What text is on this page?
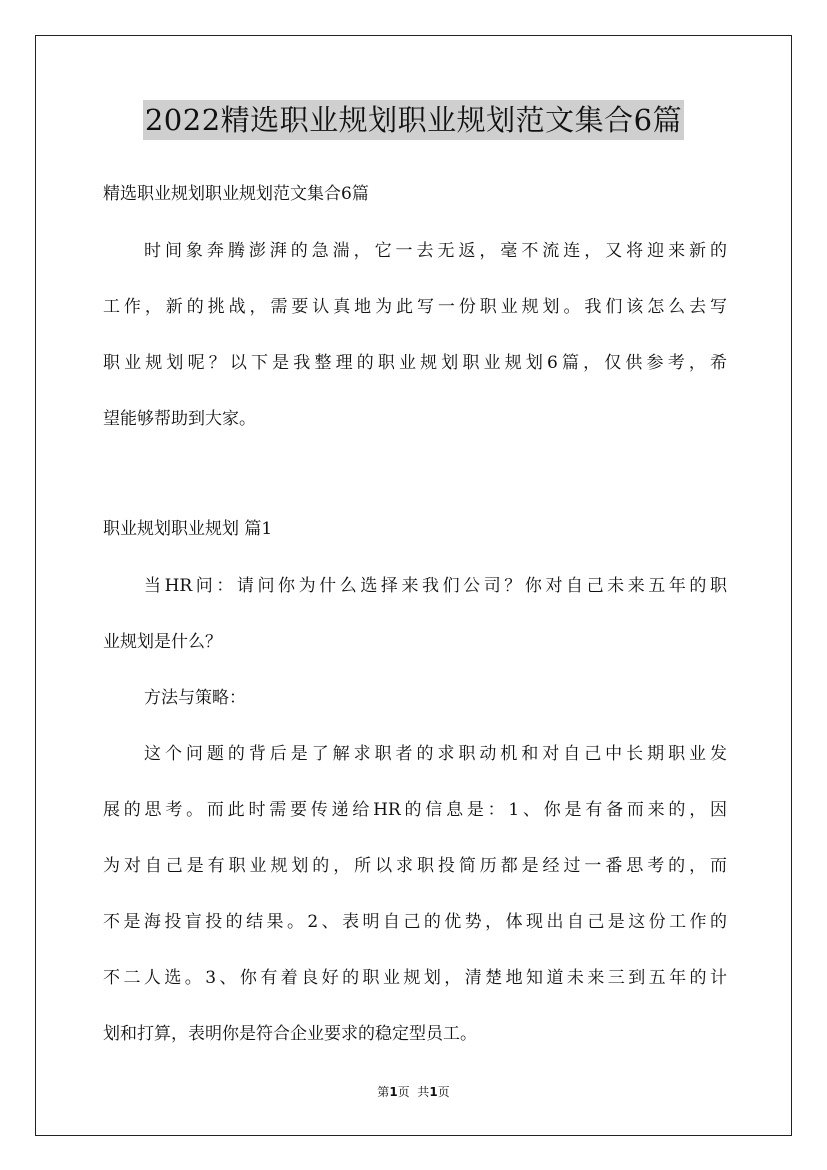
2022精选职业规划职业规划范文集合6篇
精选职业规划职业规划范文集合6篇
时间象奔腾澎湃的急湍，它一去无返，毫不流连，又将迎来新的
工作，新的挑战，需要认真地为此写一份职业规划。我们该怎么去写
职业规划呢？以下是我整理的职业规划职业规划6篇，仅供参考，希
望能够帮助到大家。
职业规划职业规划 篇1
当HR问：请问你为什么选择来我们公司？你对自己未来五年的职
业规划是什么？
方法与策略：
这个问题的背后是了解求职者的求职动机和对自己中长期职业发
展的思考。而此时需要传递给HR的信息是：1、你是有备而来的，因
为对自己是有职业规划的，所以求职投简历都是经过一番思考的，而
不是海投盲投的结果。2、表明自己的优势，体现出自己是这份工作的
不二人选。3、你有着良好的职业规划，清楚地知道未来三到五年的计
划和打算，表明你是符合企业要求的稳定型员工。
第1页  共1页
